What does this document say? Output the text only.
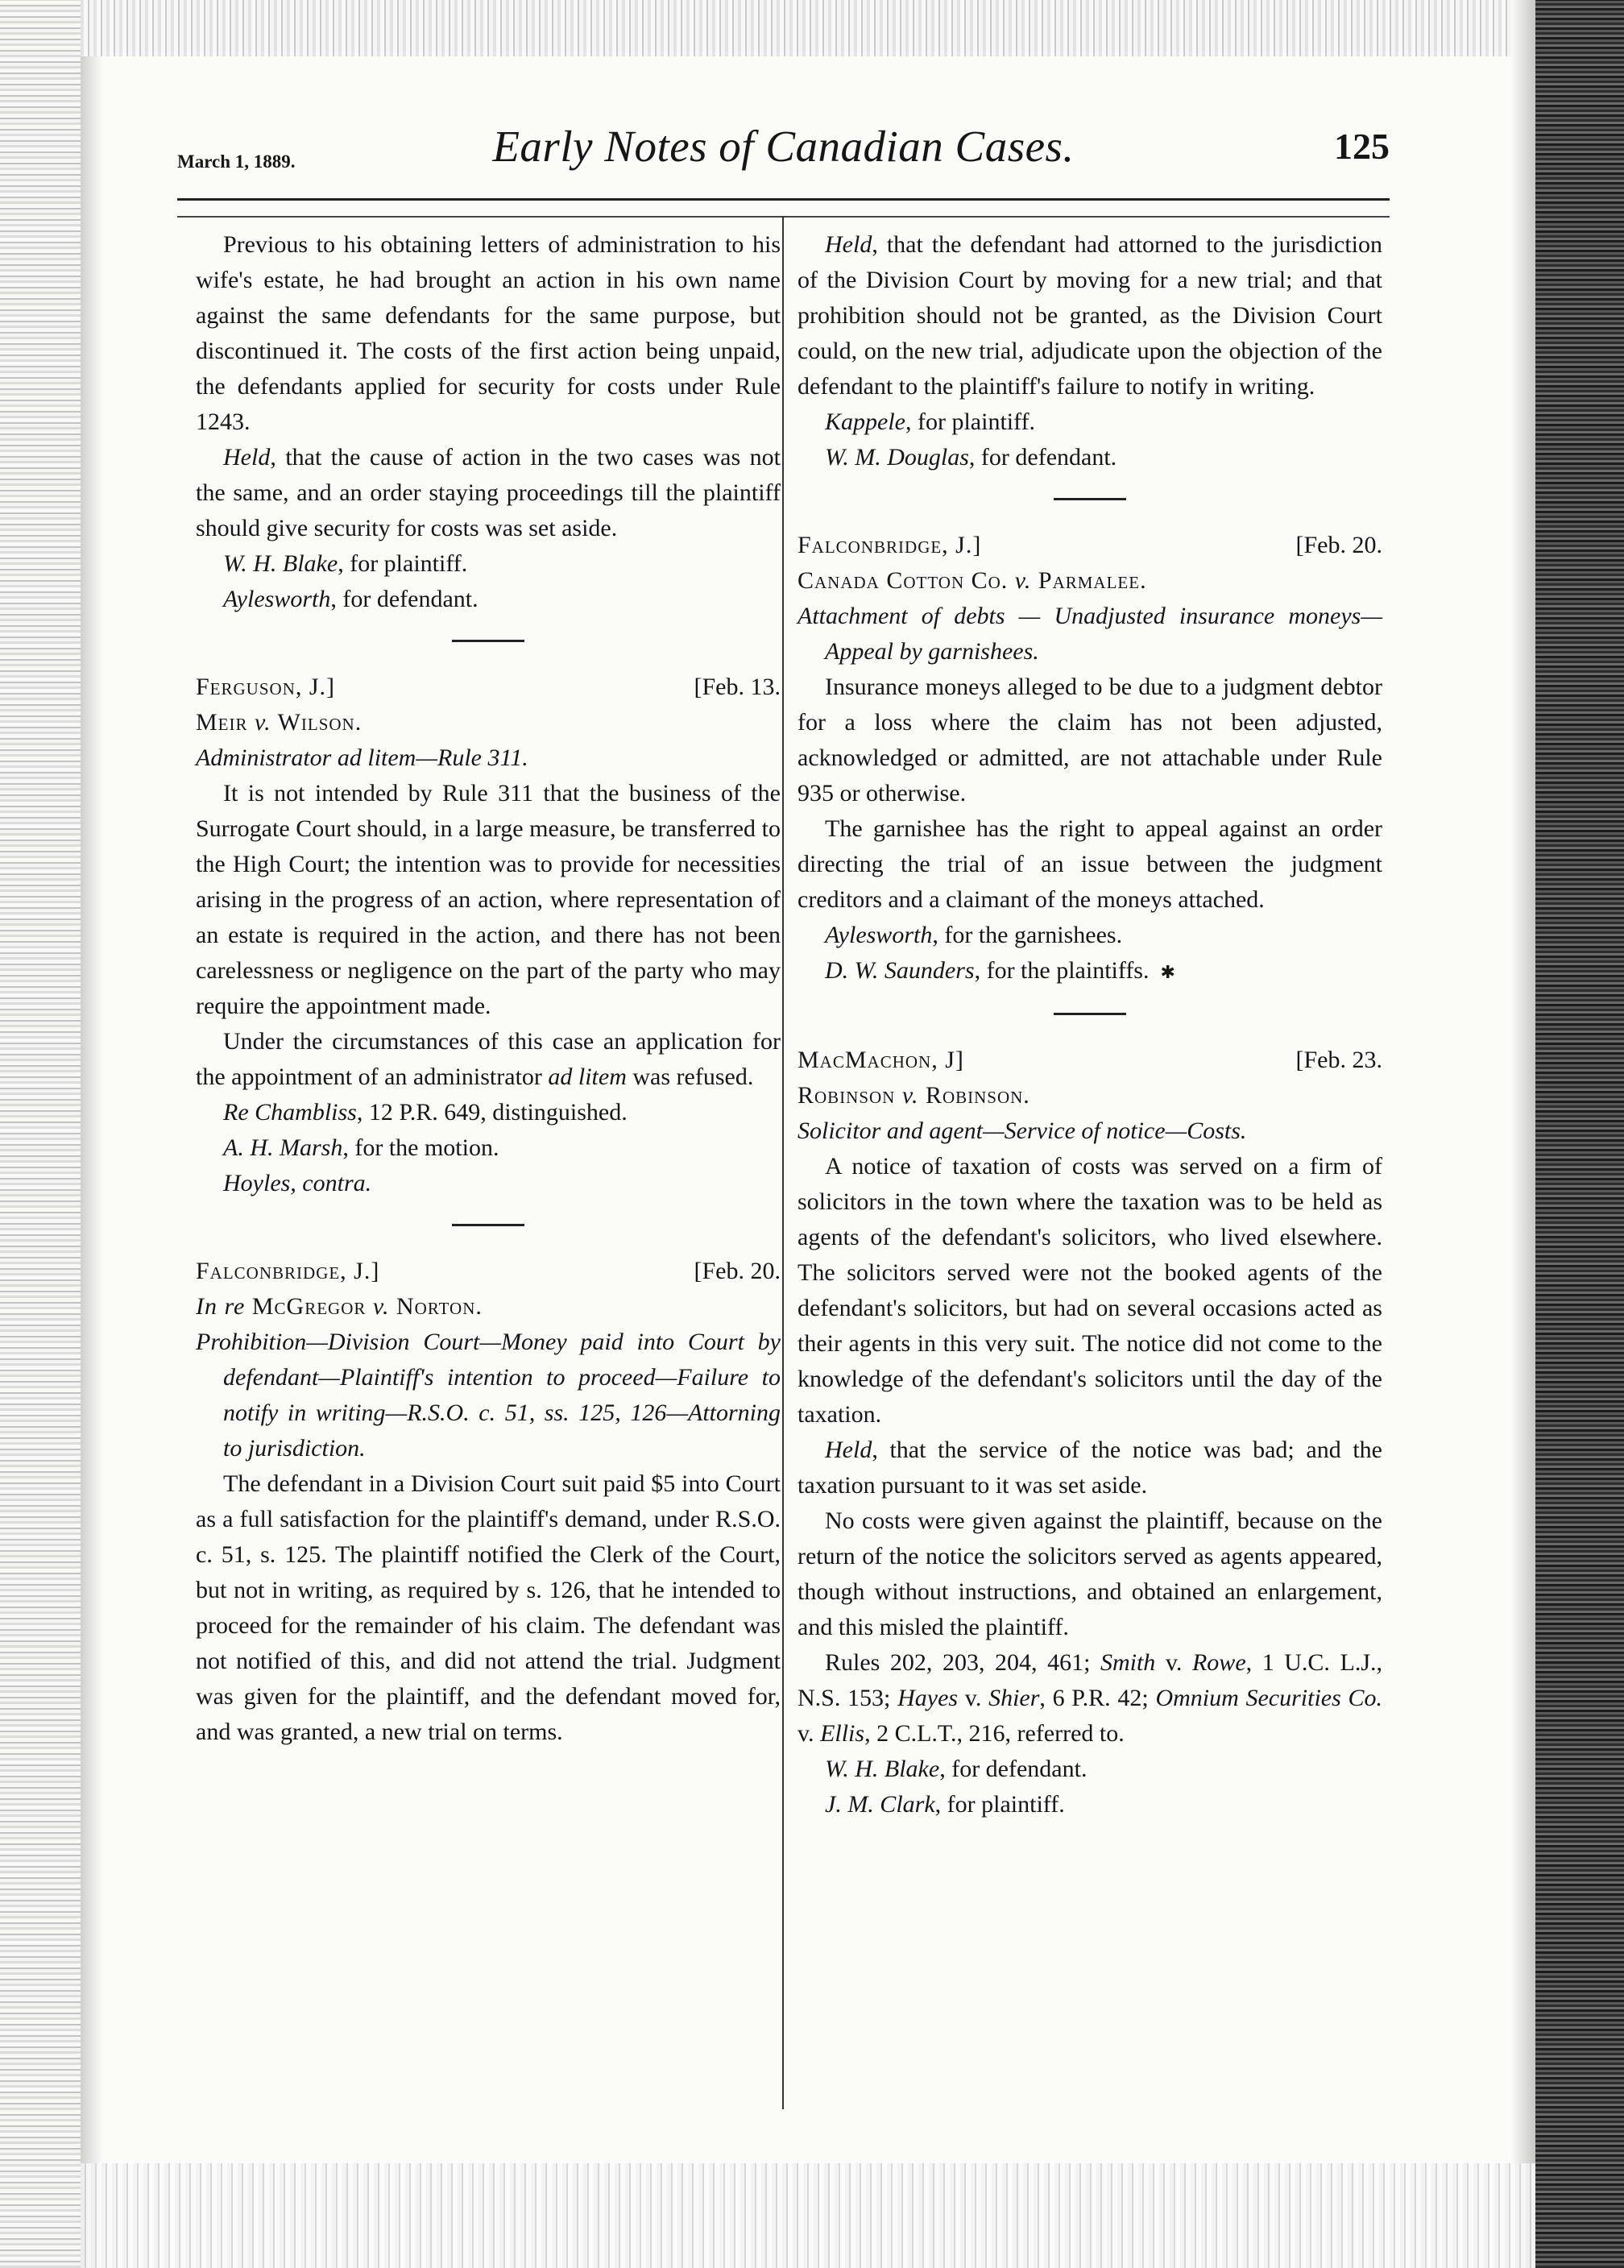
March 1, 1889.	Early Notes of Canadian Cases.	125

Previous to his obtaining letters of administration to his wife's estate, he had brought an action in his own name against the same defendants for the same purpose, but discontinued it. The costs of the first action being unpaid, the defendants applied for security for costs under Rule 1243.

Held, that the cause of action in the two cases was not the same, and an order staying proceedings till the plaintiff should give security for costs was set aside.

W. H. Blake, for plaintiff.

Aylesworth, for defendant.

Ferguson, J.]	[Feb. 13.

Meir v. Wilson.

Administrator ad litem—Rule 311.

It is not intended by Rule 311 that the business of the Surrogate Court should, in a large measure, be transferred to the High Court; the intention was to provide for necessities arising in the progress of an action, where representation of an estate is required in the action, and there has not been carelessness or negligence on the part of the party who may require the appointment made.

Under the circumstances of this case an application for the appointment of an administrator ad litem was refused.

Re Chambliss, 12 P.R. 649, distinguished.

A. H. Marsh, for the motion.

Hoyles, contra.

Falconbridge, J.]	[Feb. 20.

In re McGregor v. Norton.

Prohibition—Division Court—Money paid into Court by defendant—Plaintiff's intention to proceed—Failure to notify in writing—R.S.O. c. 51, ss. 125, 126—Attorning to jurisdiction.

The defendant in a Division Court suit paid $5 into Court as a full satisfaction for the plaintiff's demand, under R.S.O. c. 51, s. 125. The plaintiff notified the Clerk of the Court, but not in writing, as required by s. 126, that he intended to proceed for the remainder of his claim. The defendant was not notified of this, and did not attend the trial. Judgment was given for the plaintiff, and the defendant moved for, and was granted, a new trial on terms.

Held, that the defendant had attorned to the jurisdiction of the Division Court by moving for a new trial; and that prohibition should not be granted, as the Division Court could, on the new trial, adjudicate upon the objection of the defendant to the plaintiff's failure to notify in writing.

Kappele, for plaintiff.

W. M. Douglas, for defendant.

Falconbridge, J.]	[Feb. 20.

Canada Cotton Co. v. Parmalee.

Attachment of debts — Unadjusted insurance moneys—Appeal by garnishees.

Insurance moneys alleged to be due to a judgment debtor for a loss where the claim has not been adjusted, acknowledged or admitted, are not attachable under Rule 935 or otherwise.

The garnishee has the right to appeal against an order directing the trial of an issue between the judgment creditors and a claimant of the moneys attached.

Aylesworth, for the garnishees.

D. W. Saunders, for the plaintiffs. ✱

MacMachon, J]	[Feb. 23.

Robinson v. Robinson.

Solicitor and agent—Service of notice—Costs.

A notice of taxation of costs was served on a firm of solicitors in the town where the taxation was to be held as agents of the defendant's solicitors, who lived elsewhere. The solicitors served were not the booked agents of the defendant's solicitors, but had on several occasions acted as their agents in this very suit. The notice did not come to the knowledge of the defendant's solicitors until the day of the taxation.

Held, that the service of the notice was bad; and the taxation pursuant to it was set aside.

No costs were given against the plaintiff, because on the return of the notice the solicitors served as agents appeared, though without instructions, and obtained an enlargement, and this misled the plaintiff.

Rules 202, 203, 204, 461; Smith v. Rowe, 1 U.C. L.J., N.S. 153; Hayes v. Shier, 6 P.R. 42; Omnium Securities Co. v. Ellis, 2 C.L.T., 216, referred to.

W. H. Blake, for defendant.

J. M. Clark, for plaintiff.
